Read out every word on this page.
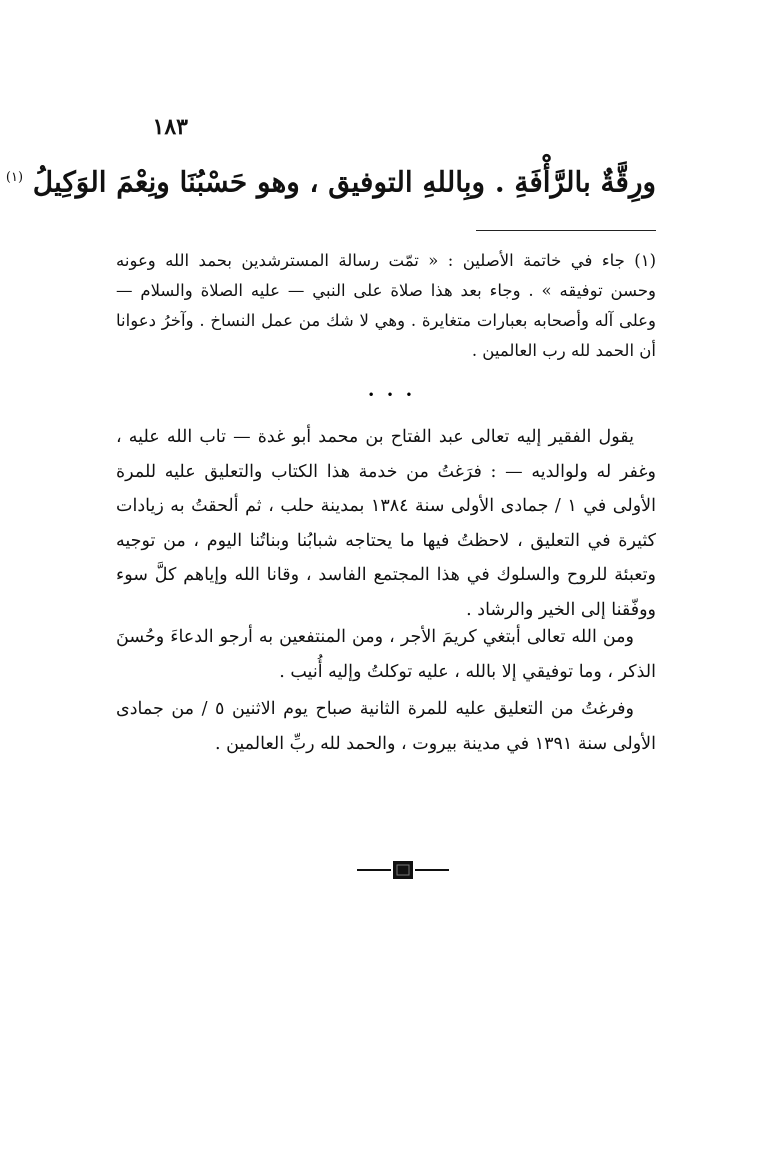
١٨٣
ورِقَّةٌ بالرَّأْفَةِ . وبِاللهِ التوفيق ، وهو حَسْبُنَا ونِعْمَ الوَكِيلُ $^{(١)}$
(١) جاء في خاتمة الأصلين : « تمّت رسالة المسترشدين بحمد الله وعونه وحسن توفيقه » . وجاء بعد هذا صلاة على النبي — عليه الصلاة والسلام — وعلى آله وأصحابه بعبارات متغايرة . وهي لا شك من عمل النساخ . وآخرُ دعوانا أن الحمد لله رب العالمين .
• • •
يقول الفقير إليه تعالى عبد الفتاح بن محمد أبو غدة — تاب الله عليه ، وغفر له ولوالديه — : فرَغتُ من خدمة هذا الكتاب والتعليق عليه للمرة الأولى في ١ / جمادى الأولى سنة ١٣٨٤ بمدينة حلب ، ثم ألحقتُ به زيادات كثيرة في التعليق ، لاحظتُ فيها ما يحتاجه شبابُنا وبناتُنا اليوم ، من توجيه وتعبئة للروح والسلوك في هذا المجتمع الفاسد ، وقانا الله وإياهم كلَّ سوء ووفّقنا إلى الخير والرشاد .
ومن الله تعالى أبتغي كريمَ الأجر ، ومن المنتفعين به أرجو الدعاءَ وحُسنَ الذكر ، وما توفيقي إلا بالله ، عليه توكلتُ وإليه أُنيب .
وفرغتُ من التعليق عليه للمرة الثانية صباح يوم الاثنين ٥ / من جمادى الأولى سنة ١٣٩١ في مدينة بيروت ، والحمد لله ربِّ العالمين .
